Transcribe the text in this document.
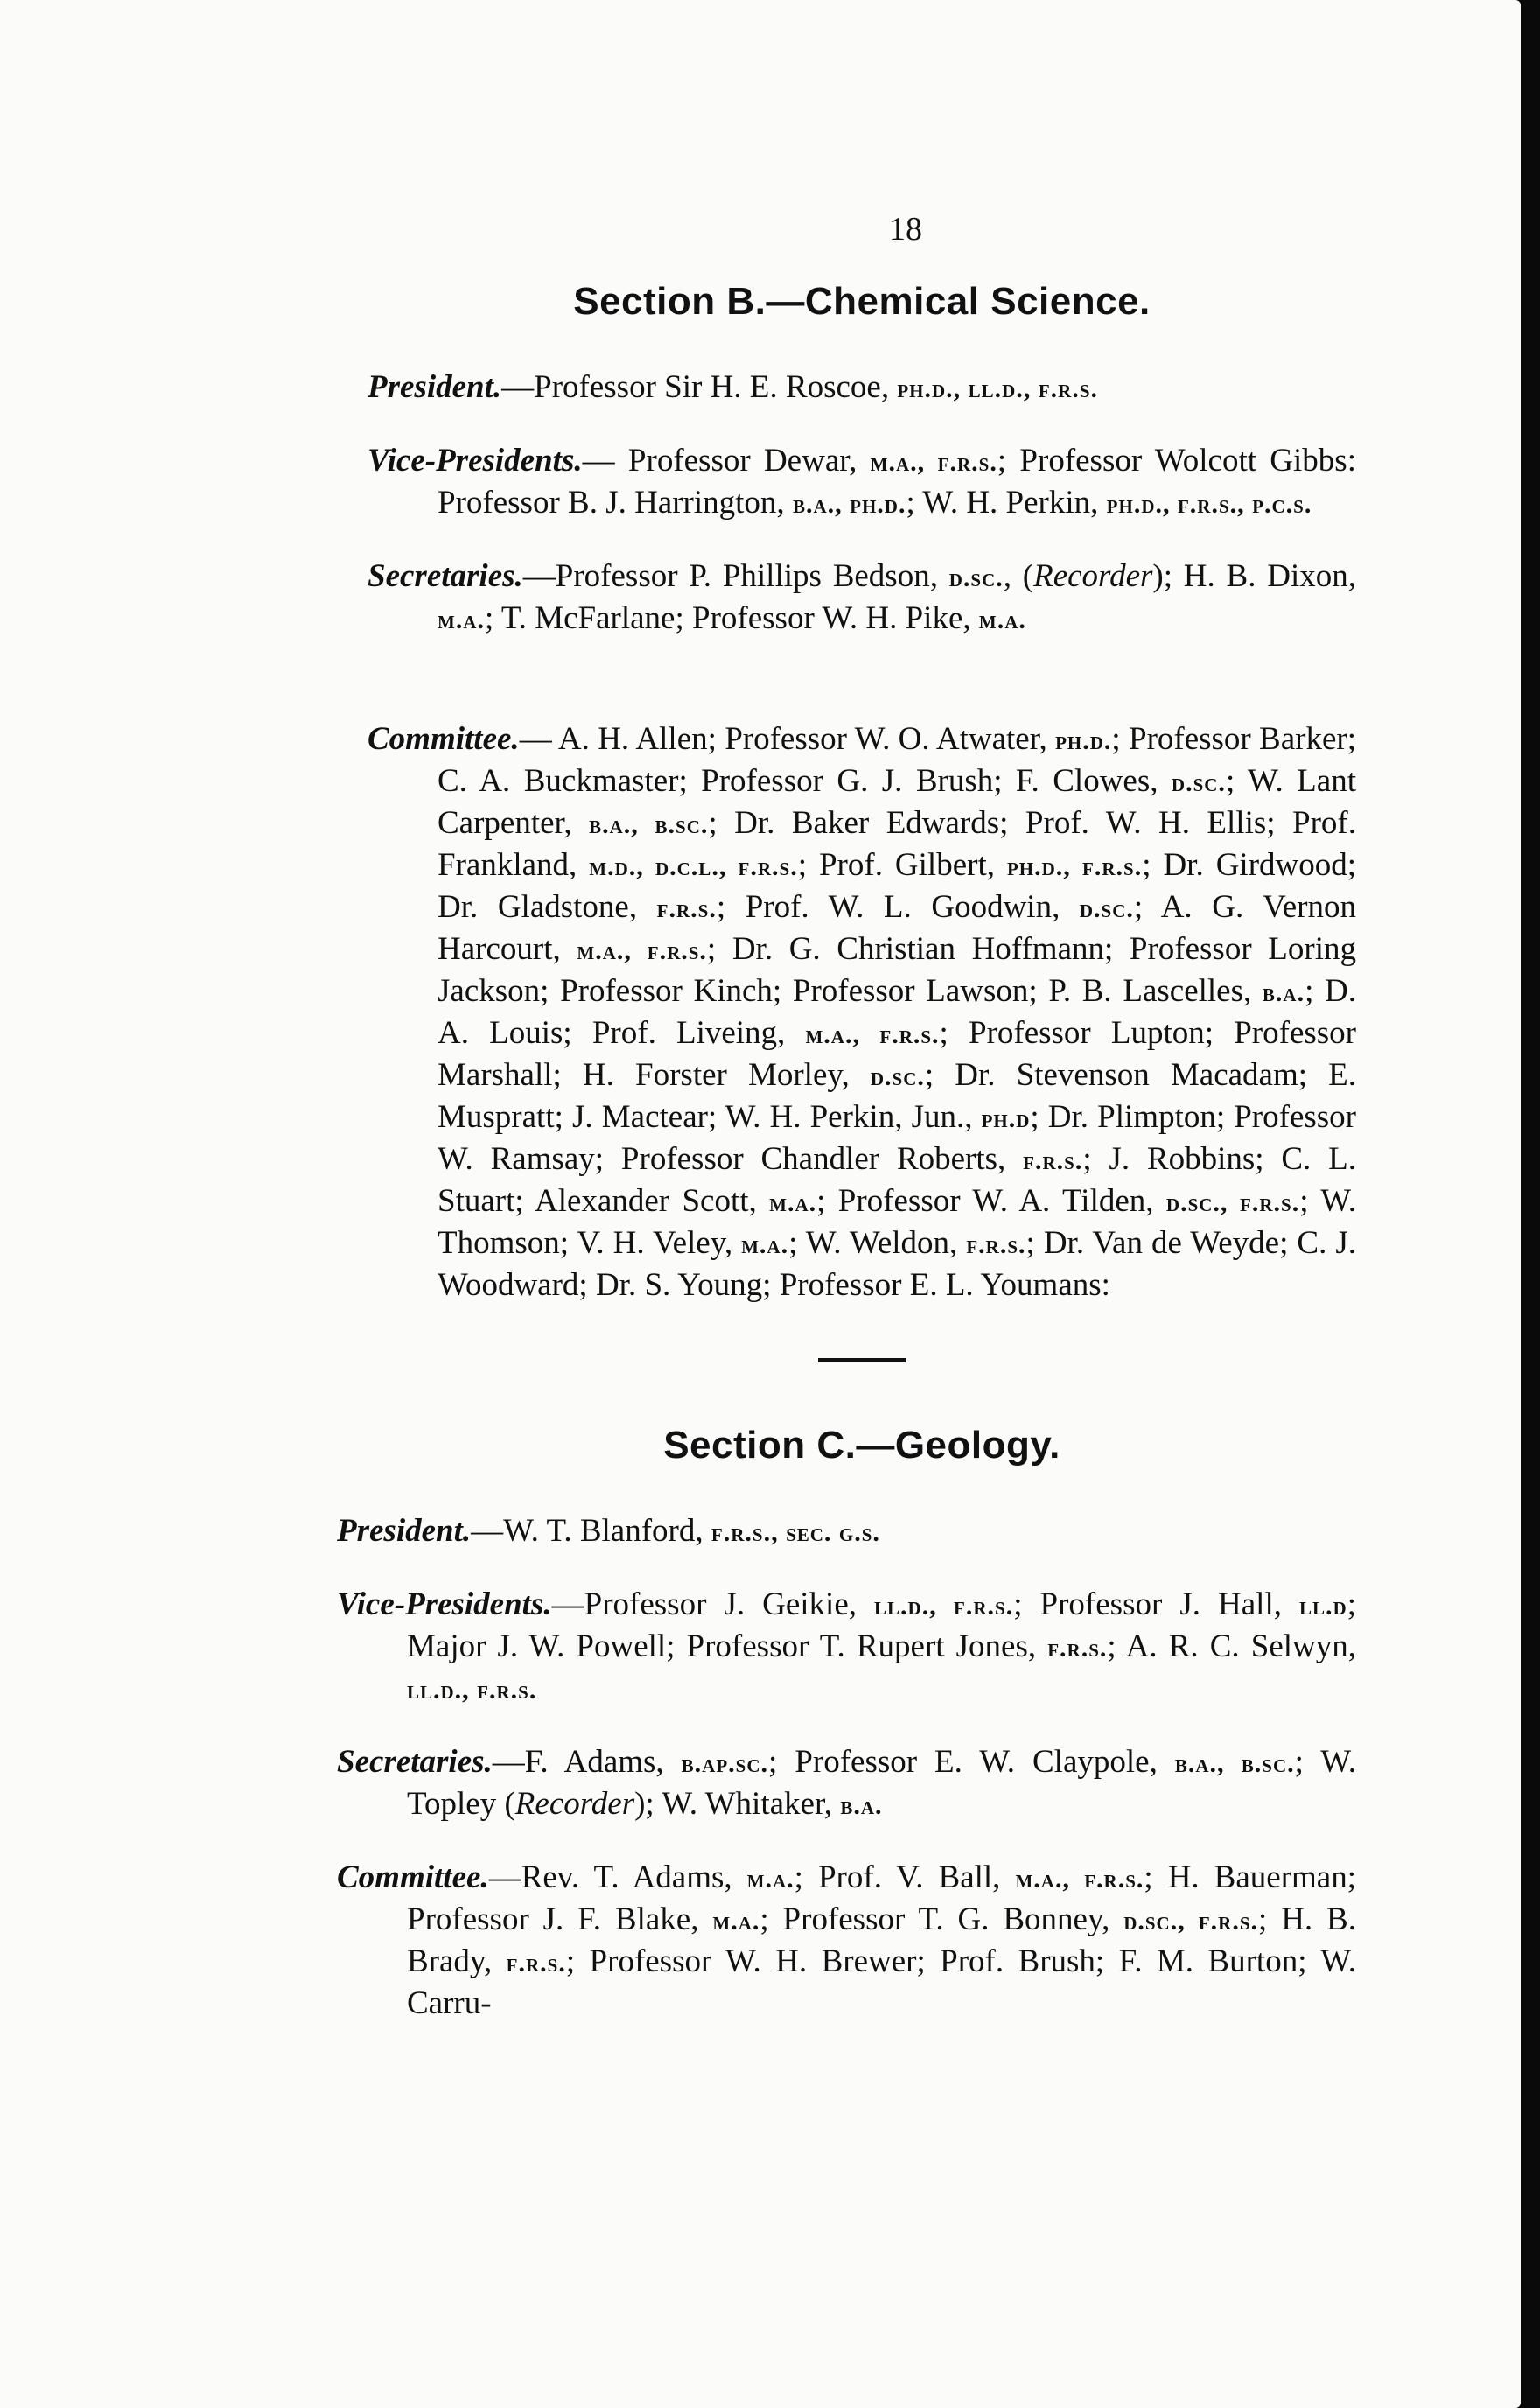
18
Section B.—Chemical Science.

President.—Professor Sir H. E. Roscoe, ph.d., ll.d., f.r.s.

Vice-Presidents.— Professor Dewar, m.a., f.r.s.; Professor Wolcott Gibbs: Professor B. J. Harrington, b.a., ph.d.; W. H. Perkin, ph.d., f.r.s., p.c.s.

Secretaries.—Professor P. Phillips Bedson, d.sc., (Recorder); H. B. Dixon, m.a.; T. McFarlane; Professor W. H. Pike, m.a.

Committee.— A. H. Allen; Professor W. O. Atwater, ph.d.; Professor Barker; C. A. Buckmaster; Professor G. J. Brush; F. Clowes, d.sc.; W. Lant Carpenter, b.a., b.sc.; Dr. Baker Edwards; Prof. W. H. Ellis; Prof. Frankland, m.d., d.c.l., f.r.s.; Prof. Gilbert, ph.d., f.r.s.; Dr. Girdwood; Dr. Gladstone, f.r.s.; Prof. W. L. Goodwin, d.sc.; A. G. Vernon Harcourt, m.a., f.r.s.; Dr. G. Christian Hoffmann; Professor Loring Jackson; Professor Kinch; Professor Lawson; P. B. Lascelles, b.a.; D. A. Louis; Prof. Liveing, m.a., f.r.s.; Professor Lupton; Professor Marshall; H. Forster Morley, d.sc.; Dr. Stevenson Macadam; E. Muspratt; J. Mactear; W. H. Perkin, Jun., ph.d; Dr. Plimpton; Professor W. Ramsay; Professor Chandler Roberts, f.r.s.; J. Robbins; C. L. Stuart; Alexander Scott, m.a.; Professor W. A. Tilden, d.sc., f.r.s.; W. Thomson; V. H. Veley, m.a.; W. Weldon, f.r.s.; Dr. Van de Weyde; C. J. Woodward; Dr. S. Young; Professor E. L. Youmans:

Section C.—Geology.

President.—W. T. Blanford, f.r.s., sec. g.s.

Vice-Presidents.—Professor J. Geikie, ll.d., f.r.s.; Professor J. Hall, ll.d; Major J. W. Powell; Professor T. Rupert Jones, f.r.s.; A. R. C. Selwyn, ll.d., f.r.s.

Secretaries.—F. Adams, b.ap.sc.; Professor E. W. Claypole, b.a., b.sc.; W. Topley (Recorder); W. Whitaker, b.a.

Committee.—Rev. T. Adams, m.a.; Prof. V. Ball, m.a., f.r.s.; H. Bauerman; Professor J. F. Blake, m.a.; Professor T. G. Bonney, d.sc., f.r.s.; H. B. Brady, f.r.s.; Professor W. H. Brewer; Prof. Brush; F. M. Burton; W. Carru-
